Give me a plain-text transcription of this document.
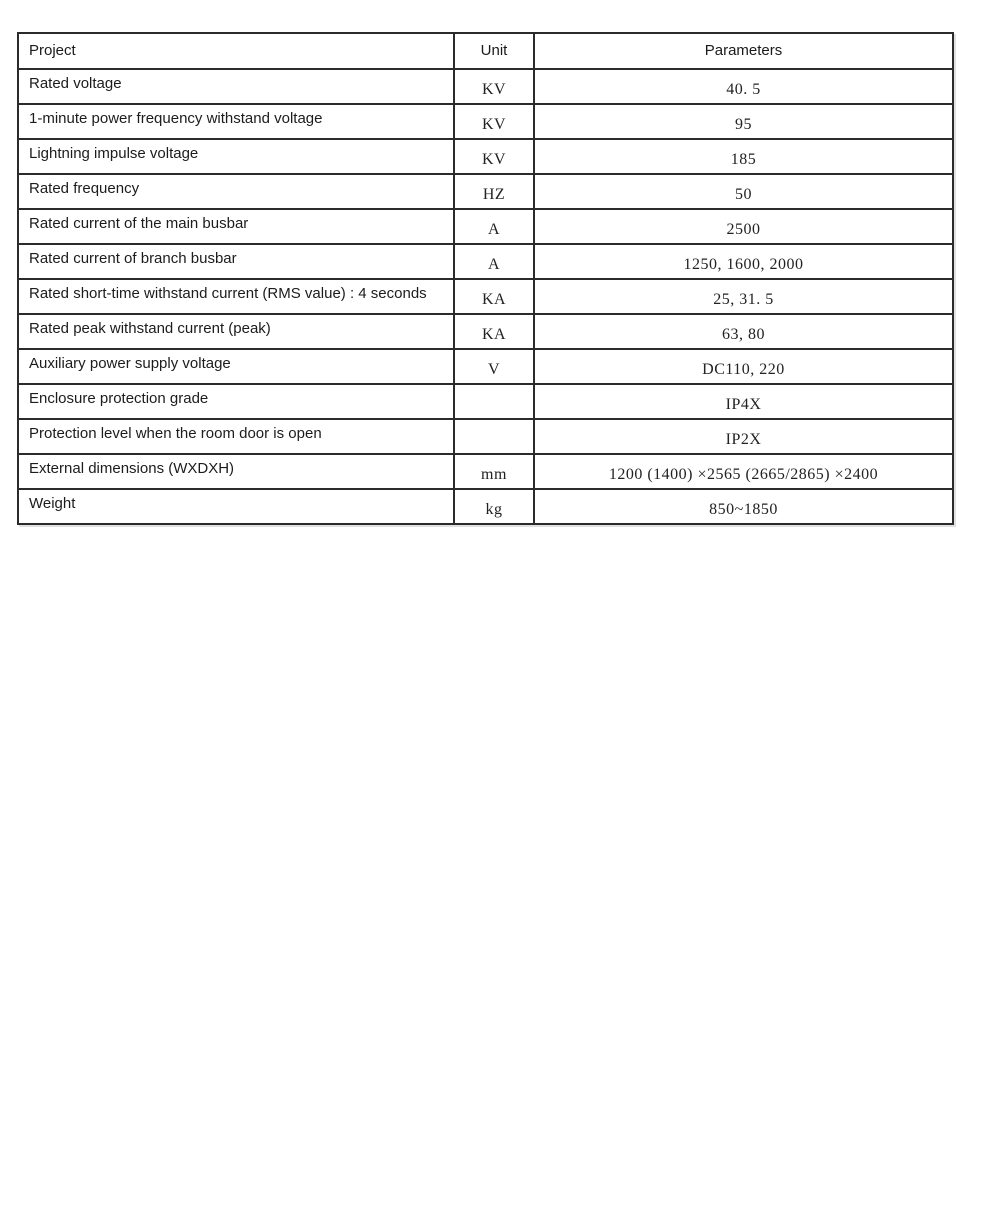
Project	Unit	Parameters
Rated voltage	KV	40. 5
1-minute power frequency withstand voltage	KV	95
Lightning impulse voltage	KV	185
Rated frequency	HZ	50
Rated current of the main busbar	A	2500
Rated current of branch busbar	A	1250, 1600, 2000
Rated short-time withstand current (RMS value) : 4 seconds	KA	25, 31. 5
Rated peak withstand current (peak)	KA	63, 80
Auxiliary power supply voltage	V	DC110, 220
Enclosure protection grade		IP4X
Protection level when the room door is open		IP2X
External dimensions (WXDXH)	mm	1200 (1400) ×2565 (2665/2865) ×2400
Weight	kg	850~1850
